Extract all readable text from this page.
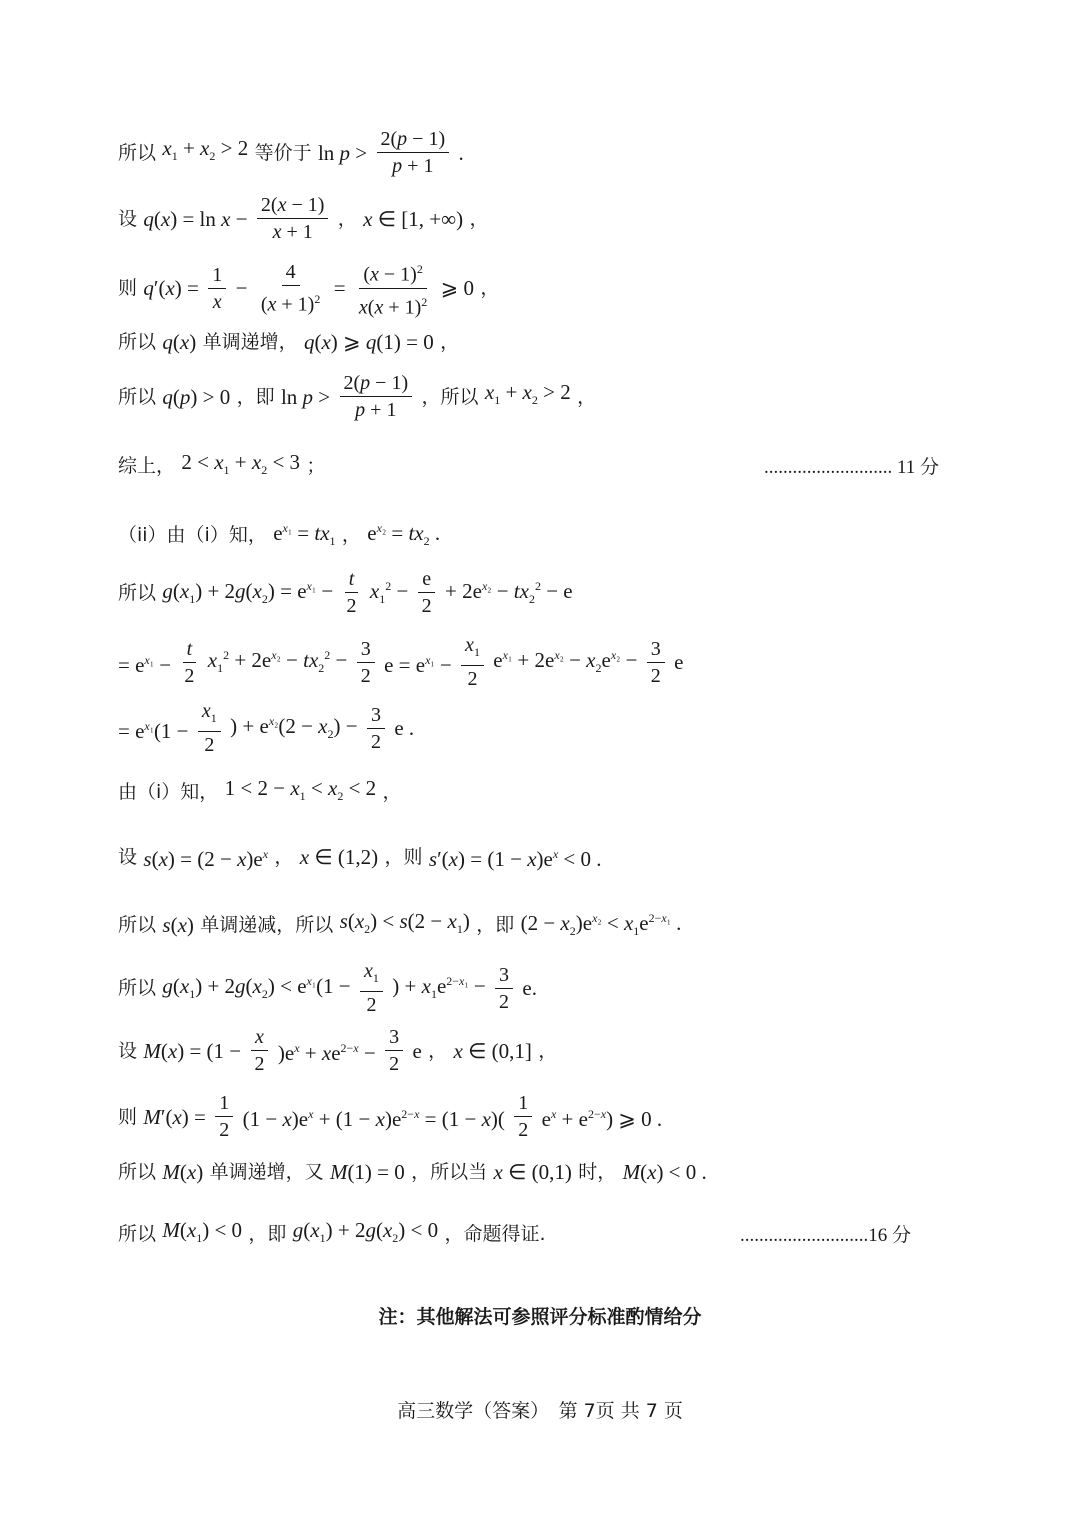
所以 $x_1 + x_2 > 2$ 等价于 $\ln p > \frac{2(p - 1)}{p + 1}$ .
设 $q(x) = \ln x - \frac{2(x - 1)}{x + 1}$ ， x ∈ [1, +∞) ，
则 $q'(x) = \frac{1}{x} - \frac{4}{(x + 1)^2} = \frac{(x - 1)^2}{x(x + 1)^2}$ ⩾ 0 ，
所以 q(x) 单调递增， q(x) ⩾ q(1) = 0 ，
所以 q(p) > 0 ，即 $\ln p > \frac{2(p - 1)}{p + 1}$ ，所以 $x_1 + x_2 > 2$ ，
综上， $2 < x_1 + x_2 < 3$ ；	........................... 11 分
（ii）由（i）知， $e^{x_1} = tx_1$ ， $e^{x_2} = tx_2$ .
所以 $g(x_1) + 2g(x_2) = e^{x_1} - \frac{t}{2} x_1^2 - \frac{e}{2} + 2e^{x_2} - tx_2^2 - e$
= $e^{x_1} - \frac{t}{2} x_1^2 + 2e^{x_2} - tx_2^2 - \frac{3}{2}$ $e = e^{x_1} - \frac{x_1}{2} e^{x_1} + 2e^{x_2} - x_2e^{x_2} - \frac{3}{2}$ e
= $e^{x_1}(1 - \frac{x_1}{2}$ ) + $e^{x_2}(2 - x_2) - \frac{3}{2}$ e .
由（i）知， $1 < 2 - x_1 < x_2 < 2$ ，
设 $s(x) = (2 - x)e^x$ ， x ∈ (1,2) ，则 $s'(x) = (1 - x)e^x < 0$ .
所以 s(x) 单调递减，所以 $s(x_2) < s(2 - x_1)$ ，即 $(2 - x_2)e^{x_2} < x_1e^{2-x_1}$ .
所以 $g(x_1) + 2g(x_2) < e^{x_1}(1 - \frac{x_1}{2}$ ) + $x_1e^{2-x_1} - \frac{3}{2} e$.
设 $M(x) = (1 - \frac{x}{2} )e^x + xe^{2-x} - \frac{3}{2}$ e ， x ∈ (0,1] ，
则 $M'(x) = \frac{1}{2} (1 - x)e^x + (1 - x)e^{2-x} = (1 - x)( \frac{1}{2} e^x + e^{2-x})$ ⩾ 0 .
所以 M(x) 单调递增，又 M(1) = 0 ，所以当 x ∈ (0,1) 时， M(x) < 0 .
所以 $M(x_1) < 0$ ，即 $g(x_1) + 2g(x_2) < 0$ ，命题得证.	...........................16 分
注：其他解法可参照评分标准酌情给分
高三数学（答案）　第 7页 共 7 页
